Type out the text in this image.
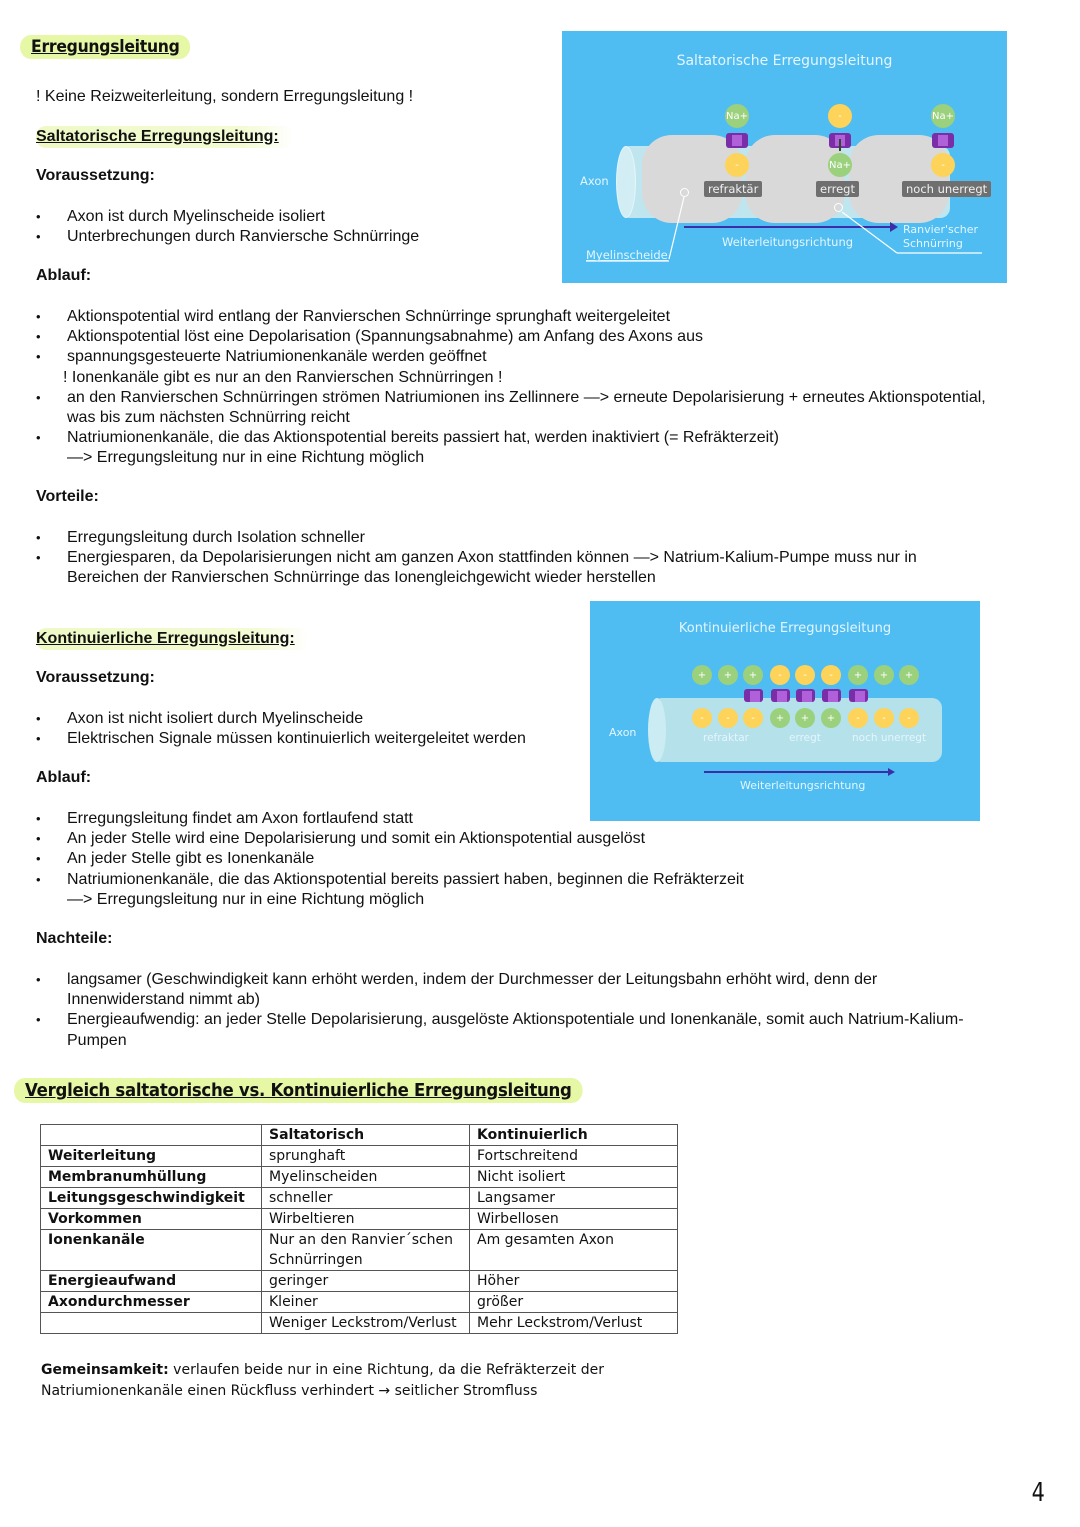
Erregungsleitung
! Keine Reizweiterleitung, sondern Erregungsleitung !
Saltatorische Erregungsleitung:
Voraussetzung:
• Axon ist durch Myelinscheide isoliert
• Unterbrechungen durch Ranviersche Schnürringe
Ablauf:
• Aktionspotential wird entlang der Ranvierschen Schnürringe sprunghaft weitergeleitet
• Aktionspotential löst eine Depolarisation (Spannungsabnahme) am Anfang des Axons aus
• spannungsgesteuerte Natriumionenkanäle werden geöffnet
! Ionenkanäle gibt es nur an den Ranvierschen Schnürringen !
• an den Ranvierschen Schnürringen strömen Natriumionen ins Zellinnere —> erneute Depolarisierung + erneutes Aktionspotential,
was bis zum nächsten Schnürring reicht
• Natriumionenkanäle, die das Aktionspotential bereits passiert hat, werden inaktiviert (= Refräkterzeit)
—> Erregungsleitung nur in eine Richtung möglich
Vorteile:
• Erregungsleitung durch Isolation schneller
• Energiesparen, da Depolarisierungen nicht am ganzen Axon stattfinden können —> Natrium-Kalium-Pumpe muss nur in
Bereichen der Ranvierschen Schnürringe das Ionengleichgewicht wieder herstellen
Saltatorische Erregungsleitung
Axon
Na+
-
refraktär
-
Na+
erregt
Na+
-
noch unerregt
Weiterleitungsrichtung
Myelinscheide
Ranvier'scher
Schnürring
Kontinuierliche Erregungsleitung:
Voraussetzung:
• Axon ist nicht isoliert durch Myelinscheide
• Elektrischen Signale müssen kontinuierlich weitergeleitet werden
Ablauf:
• Erregungsleitung findet am Axon fortlaufend statt
• An jeder Stelle wird eine Depolarisierung und somit ein Aktionspotential ausgelöst
• An jeder Stelle gibt es Ionenkanäle
• Natriumionenkanäle, die das Aktionspotential bereits passiert haben, beginnen die Refräkterzeit
—> Erregungsleitung nur in eine Richtung möglich
Nachteile:
• langsamer (Geschwindigkeit kann erhöht werden, indem der Durchmesser der Leitungsbahn erhöht wird, denn der
Innenwiderstand nimmt ab)
• Energieaufwendig: an jeder Stelle Depolarisierung, ausgelöste Aktionspotentiale und Ionenkanäle, somit auch Natrium-Kalium-
Pumpen
Kontinuierliche Erregungsleitung
Axon
+	+	+	-	-	-	+	+	+
-	-	-	+	+	+	-	-	-
refraktar	erregt	noch unerregt
Weiterleitungsrichtung
Vergleich saltatorische vs. Kontinuierliche Erregungsleitung
	Saltatorisch	Kontinuierlich
Weiterleitung	sprunghaft	Fortschreitend
Membranumhüllung	Myelinscheiden	Nicht isoliert
Leitungsgeschwindigkeit	schneller	Langsamer
Vorkommen	Wirbeltieren	Wirbellosen
Ionenkanäle	Nur an den Ranvier´schen Schnürringen	Am gesamten Axon
Energieaufwand	geringer	Höher
Axondurchmesser	Kleiner	größer
	Weniger Leckstrom/Verlust	Mehr Leckstrom/Verlust
Gemeinsamkeit: verlaufen beide nur in eine Richtung, da die Refräkterzeit der Natriumionenkanäle einen Rückfluss verhindert → seitlicher Stromfluss
4
